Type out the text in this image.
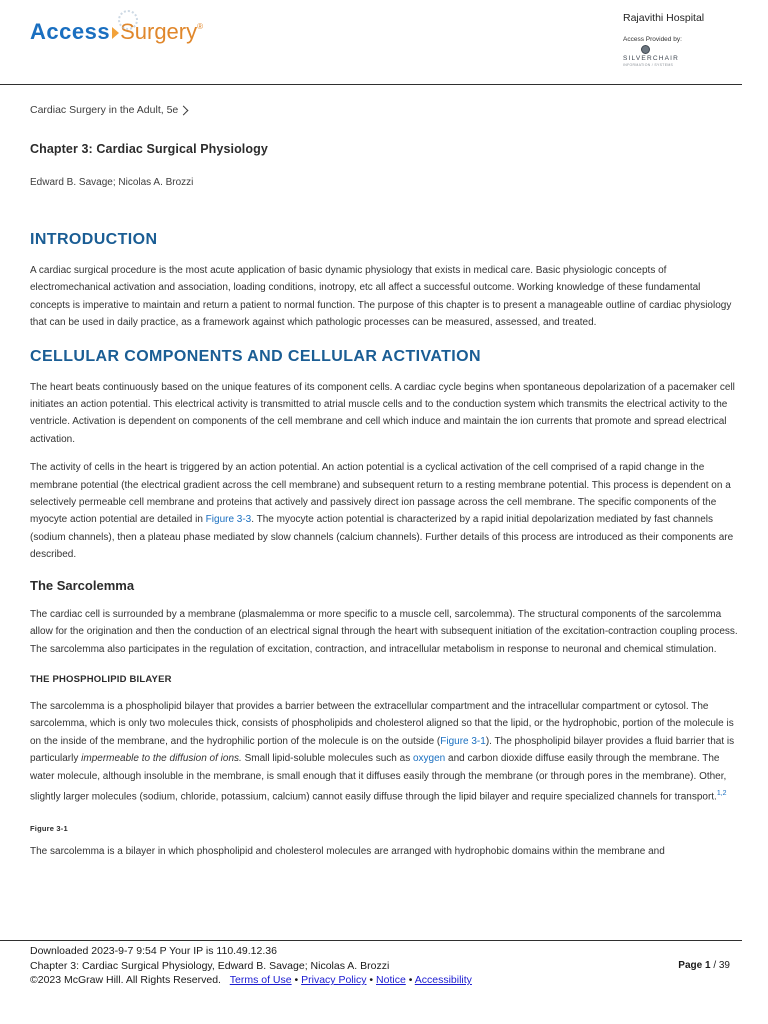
Access Surgery ®
Rajavithi Hospital
Access Provided by:
SILVERCHAIR
INFORMATION / SYSTEMS
Cardiac Surgery in the Adult, 5e
Chapter 3: Cardiac Surgical Physiology
Edward B. Savage; Nicolas A. Brozzi
INTRODUCTION

A cardiac surgical procedure is the most acute application of basic dynamic physiology that exists in medical care. Basic physiologic concepts of electromechanical activation and association, loading conditions, inotropy, etc all affect a successful outcome. Working knowledge of these fundamental concepts is imperative to maintain and return a patient to normal function. The purpose of this chapter is to present a manageable outline of cardiac physiology that can be used in daily practice, as a framework against which pathologic processes can be measured, assessed, and treated.

CELLULAR COMPONENTS AND CELLULAR ACTIVATION

The heart beats continuously based on the unique features of its component cells. A cardiac cycle begins when spontaneous depolarization of a pacemaker cell initiates an action potential. This electrical activity is transmitted to atrial muscle cells and to the conduction system which transmits the electrical activity to the ventricle. Activation is dependent on components of the cell membrane and cell which induce and maintain the ion currents that promote and spread electrical activation.

The activity of cells in the heart is triggered by an action potential. An action potential is a cyclical activation of the cell comprised of a rapid change in the membrane potential (the electrical gradient across the cell membrane) and subsequent return to a resting membrane potential. This process is dependent on a selectively permeable cell membrane and proteins that actively and passively direct ion passage across the cell membrane. The specific components of the myocyte action potential are detailed in Figure 3-3. The myocyte action potential is characterized by a rapid initial depolarization mediated by fast channels (sodium channels), then a plateau phase mediated by slow channels (calcium channels). Further details of this process are introduced as their components are described.

The Sarcolemma

The cardiac cell is surrounded by a membrane (plasmalemma or more specific to a muscle cell, sarcolemma). The structural components of the sarcolemma allow for the origination and then the conduction of an electrical signal through the heart with subsequent initiation of the excitation-contraction coupling process. The sarcolemma also participates in the regulation of excitation, contraction, and intracellular metabolism in response to neuronal and chemical stimulation.

THE PHOSPHOLIPID BILAYER

The sarcolemma is a phospholipid bilayer that provides a barrier between the extracellular compartment and the intracellular compartment or cytosol. The sarcolemma, which is only two molecules thick, consists of phospholipids and cholesterol aligned so that the lipid, or the hydrophobic, portion of the molecule is on the inside of the membrane, and the hydrophilic portion of the molecule is on the outside (Figure 3-1). The phospholipid bilayer provides a fluid barrier that is particularly impermeable to the diffusion of ions. Small lipid-soluble molecules such as oxygen and carbon dioxide diffuse easily through the membrane. The water molecule, although insoluble in the membrane, is small enough that it diffuses easily through the membrane (or through pores in the membrane). Other, slightly larger molecules (sodium, chloride, potassium, calcium) cannot easily diffuse through the lipid bilayer and require specialized channels for transport.$^{1,2}$

Figure 3-1

The sarcolemma is a bilayer in which phospholipid and cholesterol molecules are arranged with hydrophobic domains within the membrane and

Downloaded 2023-9-7 9:54 P Your IP is 110.49.12.36
Chapter 3: Cardiac Surgical Physiology, Edward B. Savage; Nicolas A. Brozzi
©2023 McGraw Hill. All Rights Reserved. Terms of Use • Privacy Policy • Notice • Accessibility
Page 1 / 39
